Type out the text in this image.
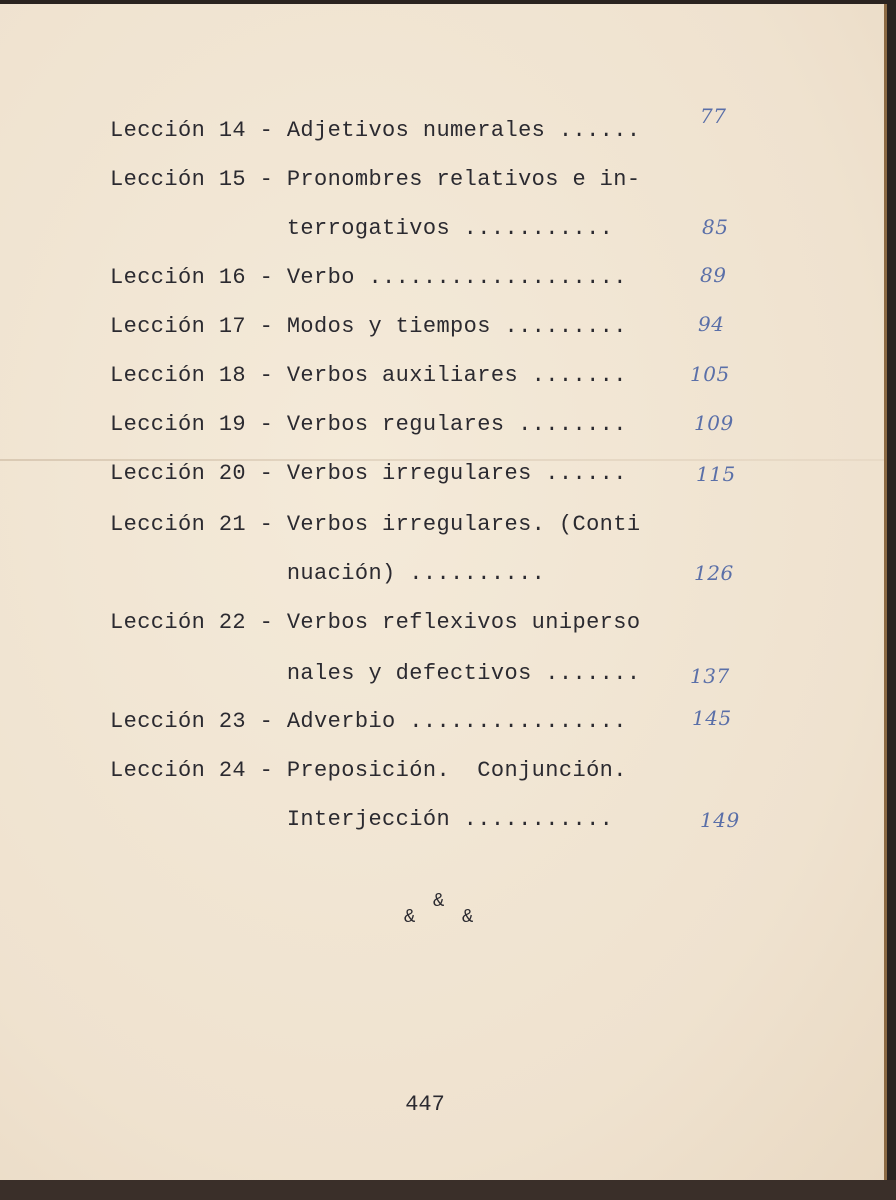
Lección 14 - Adjetivos numerales ......
Lección 15 - Pronombres relativos e in-
terrogativos ...........
Lección 16 - Verbo ...................
Lección 17 - Modos y tiempos .........
Lección 18 - Verbos auxiliares .......
Lección 19 - Verbos regulares ........
Lección 20 - Verbos irregulares ......
Lección 21 - Verbos irregulares. (Conti
nuación) ..........
Lección 22 - Verbos reflexivos uniperso
nales y defectivos .......
Lección 23 - Adverbio ................
Lección 24 - Preposición.  Conjunción.
Interjección ...........
77
85
89
94
105
109
115
126
137
145
149
&
&
&
447
